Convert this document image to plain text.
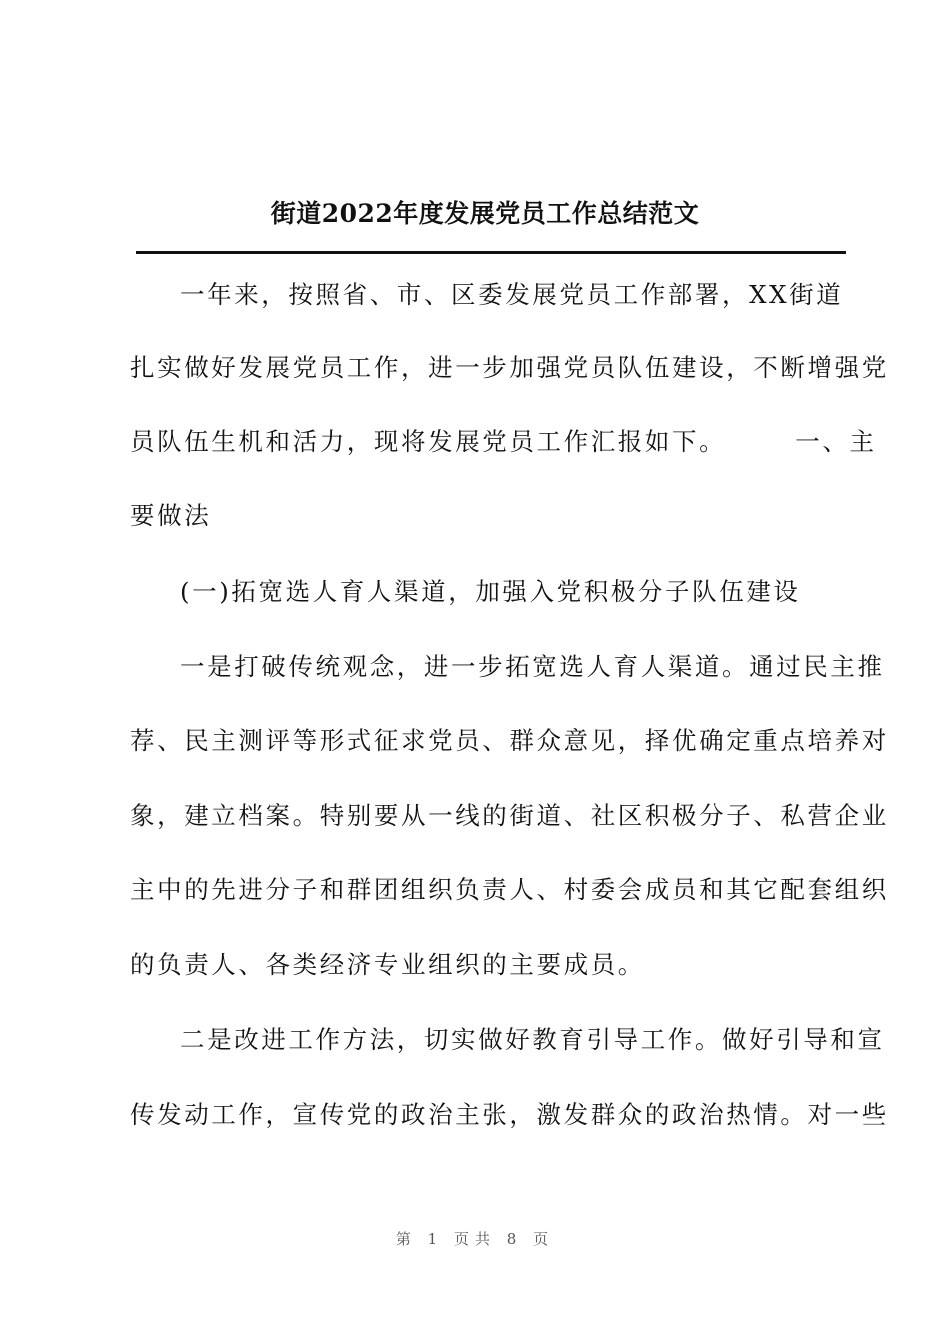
街道2022年度发展党员工作总结范文
一年来，按照省、市、区委发展党员工作部署，XX街道
扎实做好发展党员工作，进一步加强党员队伍建设，不断增强党
员队伍生机和活力，现将发展党员工作汇报如下。　　　一、主
要做法
(一)拓宽选人育人渠道，加强入党积极分子队伍建设
一是打破传统观念，进一步拓宽选人育人渠道。通过民主推
荐、民主测评等形式征求党员、群众意见，择优确定重点培养对
象，建立档案。特别要从一线的街道、社区积极分子、私营企业
主中的先进分子和群团组织负责人、村委会成员和其它配套组织
的负责人、各类经济专业组织的主要成员。
二是改进工作方法，切实做好教育引导工作。做好引导和宣
传发动工作，宣传党的政治主张，激发群众的政治热情。对一些
第 1 页共 8 页
